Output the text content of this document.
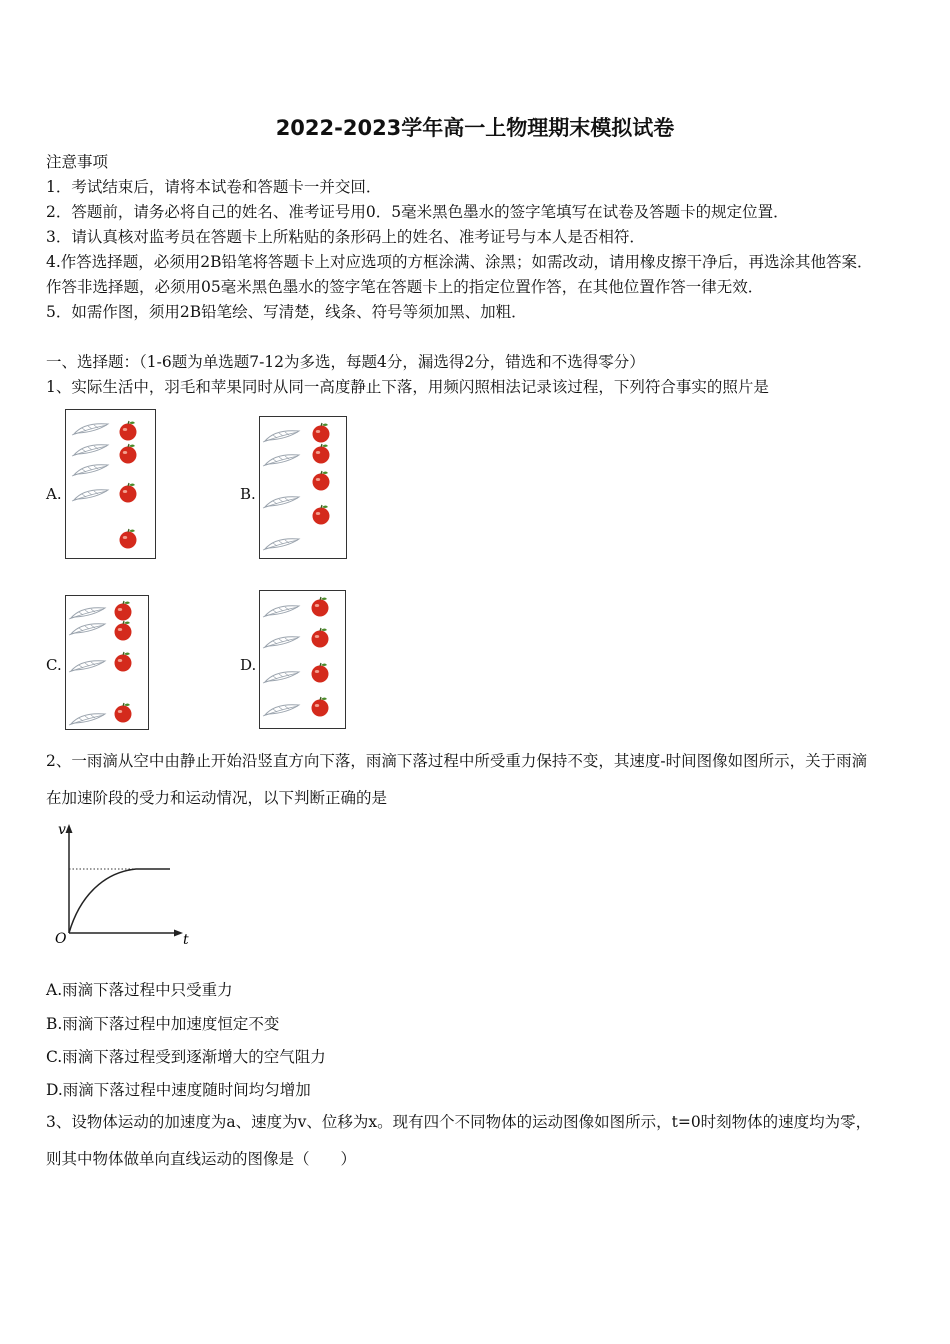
2022-2023学年高一上物理期末模拟试卷
注意事项
1．考试结束后，请将本试卷和答题卡一并交回．
2．答题前，请务必将自己的姓名、准考证号用0．5毫米黑色墨水的签字笔填写在试卷及答题卡的规定位置．
3．请认真核对监考员在答题卡上所粘贴的条形码上的姓名、准考证号与本人是否相符．
4.作答选择题，必须用2B铅笔将答题卡上对应选项的方框涂满、涂黑；如需改动，请用橡皮擦干净后，再选涂其他答案．
作答非选择题，必须用05毫米黑色墨水的签字笔在答题卡上的指定位置作答，在其他位置作答一律无效．
5．如需作图，须用2B铅笔绘、写清楚，线条、符号等须加黑、加粗．
一、选择题：（1-6题为单选题7-12为多选，每题4分，漏选得2分，错选和不选得零分）
1、实际生活中，羽毛和苹果同时从同一高度静止下落，用频闪照相法记录该过程，下列符合事实的照片是
A.	B.
C.	D.
2、一雨滴从空中由静止开始沿竖直方向下落，雨滴下落过程中所受重力保持不变，其速度-时间图像如图所示，关于雨滴
在加速阶段的受力和运动情况，以下判断正确的是
v
t
O
A.雨滴下落过程中只受重力
B.雨滴下落过程中加速度恒定不变
C.雨滴下落过程受到逐渐增大的空气阻力
D.雨滴下落过程中速度随时间均匀增加
3、设物体运动的加速度为a、速度为v、位移为x。现有四个不同物体的运动图像如图所示，t=0时刻物体的速度均为零，
则其中物体做单向直线运动的图像是（　　）
